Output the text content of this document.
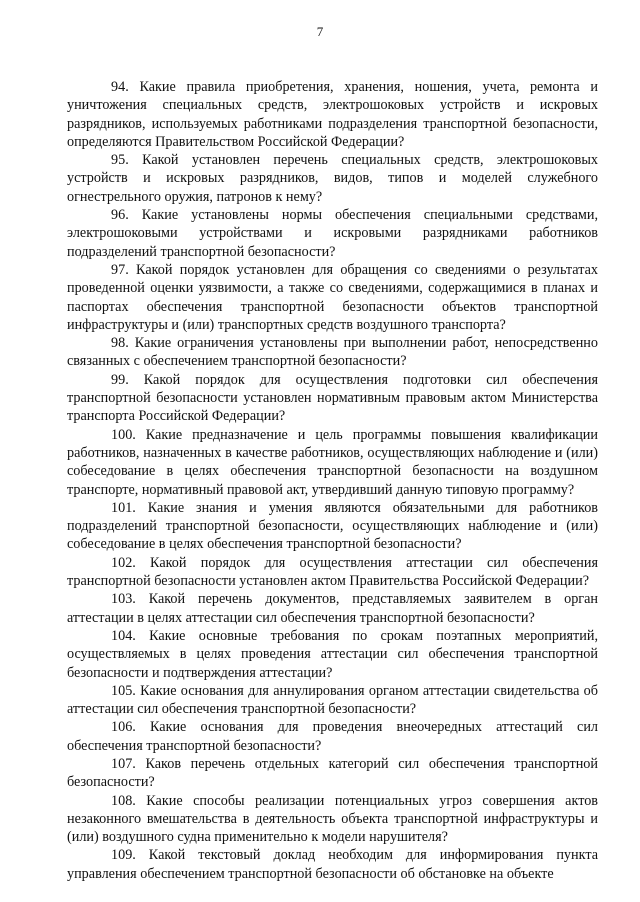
7

94. Какие правила приобретения, хранения, ношения, учета, ремонта и уничтожения специальных средств, электрошоковых устройств и искровых разрядников, используемых работниками подразделения транспортной безопасности, определяются Правительством Российской Федерации?

95. Какой установлен перечень специальных средств, электрошоковых устройств и искровых разрядников, видов, типов и моделей служебного огнестрельного оружия, патронов к нему?

96. Какие установлены нормы обеспечения специальными средствами, электрошоковыми устройствами и искровыми разрядниками работников подразделений транспортной безопасности?

97. Какой порядок установлен для обращения со сведениями о результатах проведенной оценки уязвимости, а также со сведениями, содержащимися в планах и паспортах обеспечения транспортной безопасности объектов транспортной инфраструктуры и (или) транспортных средств воздушного транспорта?

98. Какие ограничения установлены при выполнении работ, непосредственно связанных с обеспечением транспортной безопасности?

99. Какой порядок для осуществления подготовки сил обеспечения транспортной безопасности установлен нормативным правовым актом Министерства транспорта Российской Федерации?

100. Какие предназначение и цель программы повышения квалификации работников, назначенных в качестве работников, осуществляющих наблюдение и (или) собеседование в целях обеспечения транспортной безопасности на воздушном транспорте, нормативный правовой акт, утвердивший данную типовую программу?

101. Какие знания и умения являются обязательными для работников подразделений транспортной безопасности, осуществляющих наблюдение и (или) собеседование в целях обеспечения транспортной безопасности?

102. Какой порядок для осуществления аттестации сил обеспечения транспортной безопасности установлен актом Правительства Российской Федерации?

103. Какой перечень документов, представляемых заявителем в орган аттестации в целях аттестации сил обеспечения транспортной безопасности?

104. Какие основные требования по срокам поэтапных мероприятий, осуществляемых в целях проведения аттестации сил обеспечения транспортной безопасности и подтверждения аттестации?

105. Какие основания для аннулирования органом аттестации свидетельства об аттестации сил обеспечения транспортной безопасности?

106. Какие основания для проведения внеочередных аттестаций сил обеспечения транспортной безопасности?

107. Каков перечень отдельных категорий сил обеспечения транспортной безопасности?

108. Какие способы реализации потенциальных угроз совершения актов незаконного вмешательства в деятельность объекта транспортной инфраструктуры и (или) воздушного судна применительно к модели нарушителя?

109. Какой текстовый доклад необходим для информирования пункта управления обеспечением транспортной безопасности об обстановке на объекте
